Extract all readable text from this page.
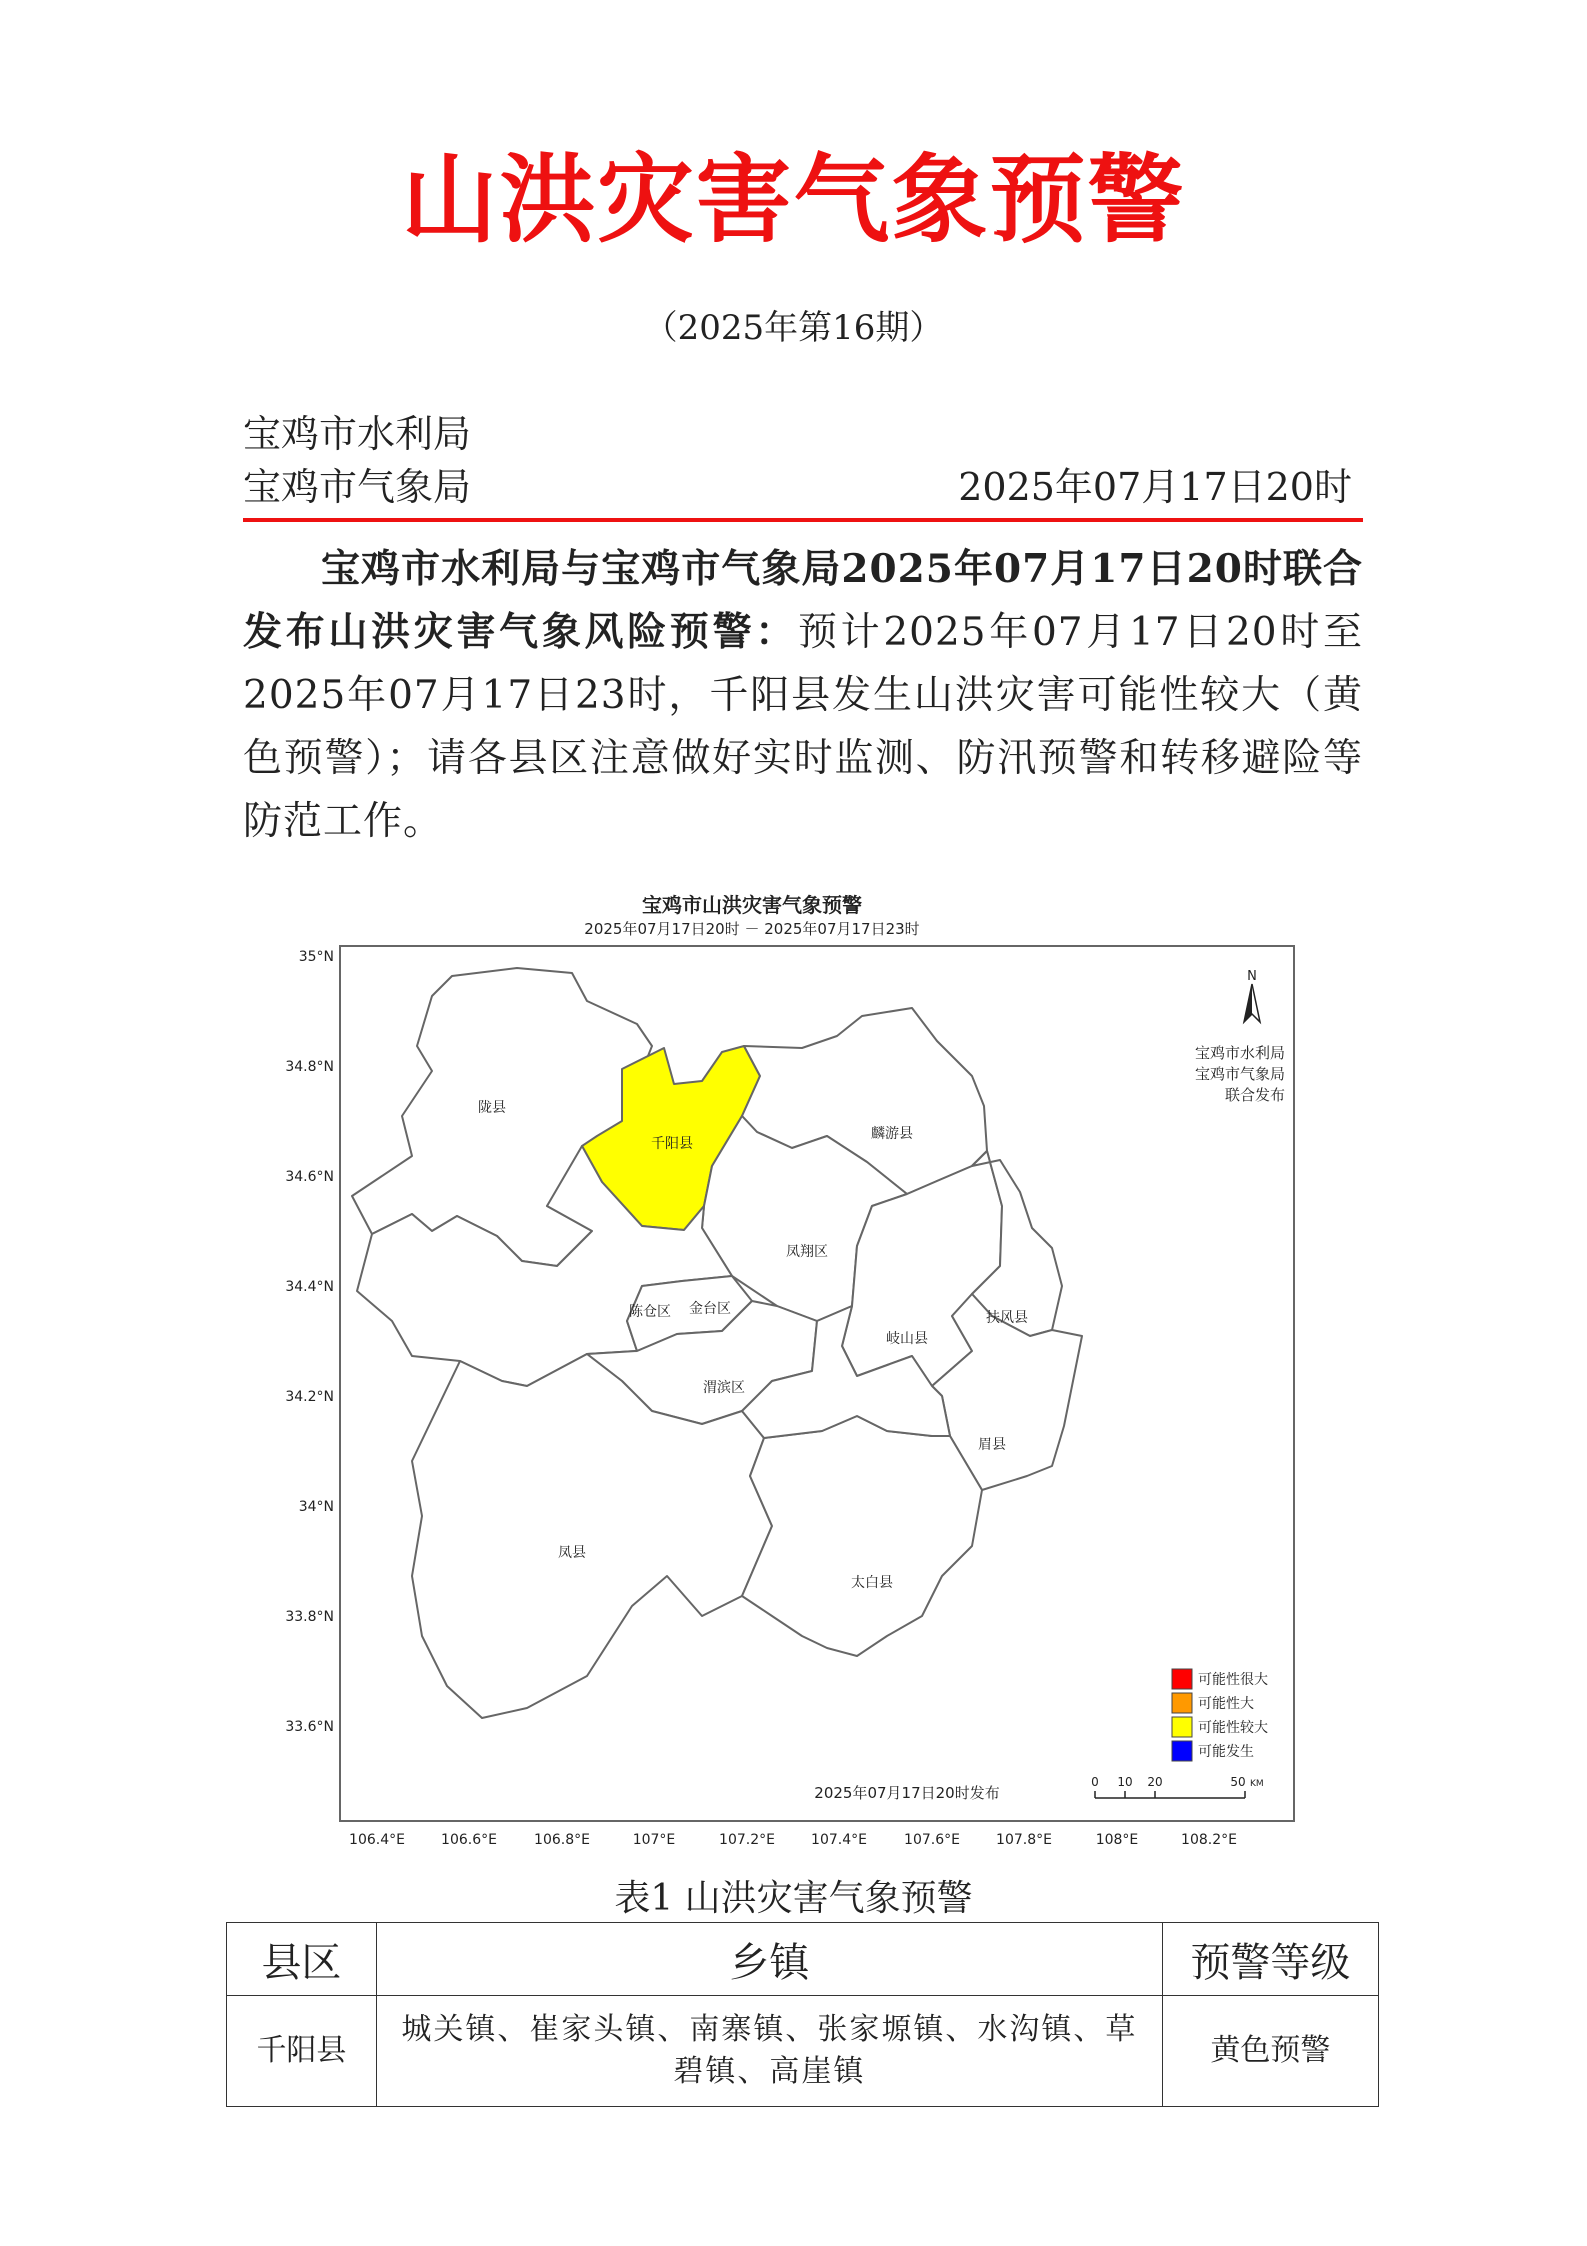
山洪灾害气象预警
（2025年第16期）
宝鸡市水利局
宝鸡市气象局	2025年07月17日20时
宝鸡市水利局与宝鸡市气象局2025年07月17日20时联合发布山洪灾害气象风险预警：预计2025年07月17日20时至2025年07月17日23时，千阳县发生山洪灾害可能性较大（黄色预警）；请各县区注意做好实时监测、防汛预警和转移避险等防范工作。
宝鸡市山洪灾害气象预警
2025年07月17日20时 － 2025年07月17日23时
35°N
34.8°N
34.6°N
34.4°N
34.2°N
34°N
33.8°N
33.6°N
106.4°E	106.6°E	106.8°E	107°E	107.2°E	107.4°E	107.6°E	107.8°E	108°E	108.2°E
陇县
千阳县
麟游县
凤翔区
陈仓区 金台区
渭滨区
岐山县
扶风县
眉县
凤县
太白县
N
宝鸡市水利局
宝鸡市气象局
联合发布
可能性很大
可能性大
可能性较大
可能发生
2025年07月17日20时发布
0 10 20	50 KM
表1 山洪灾害气象预警
县区	乡镇	预警等级
千阳县	城关镇、崔家头镇、南寨镇、张家塬镇、水沟镇、草碧镇、高崖镇	黄色预警
